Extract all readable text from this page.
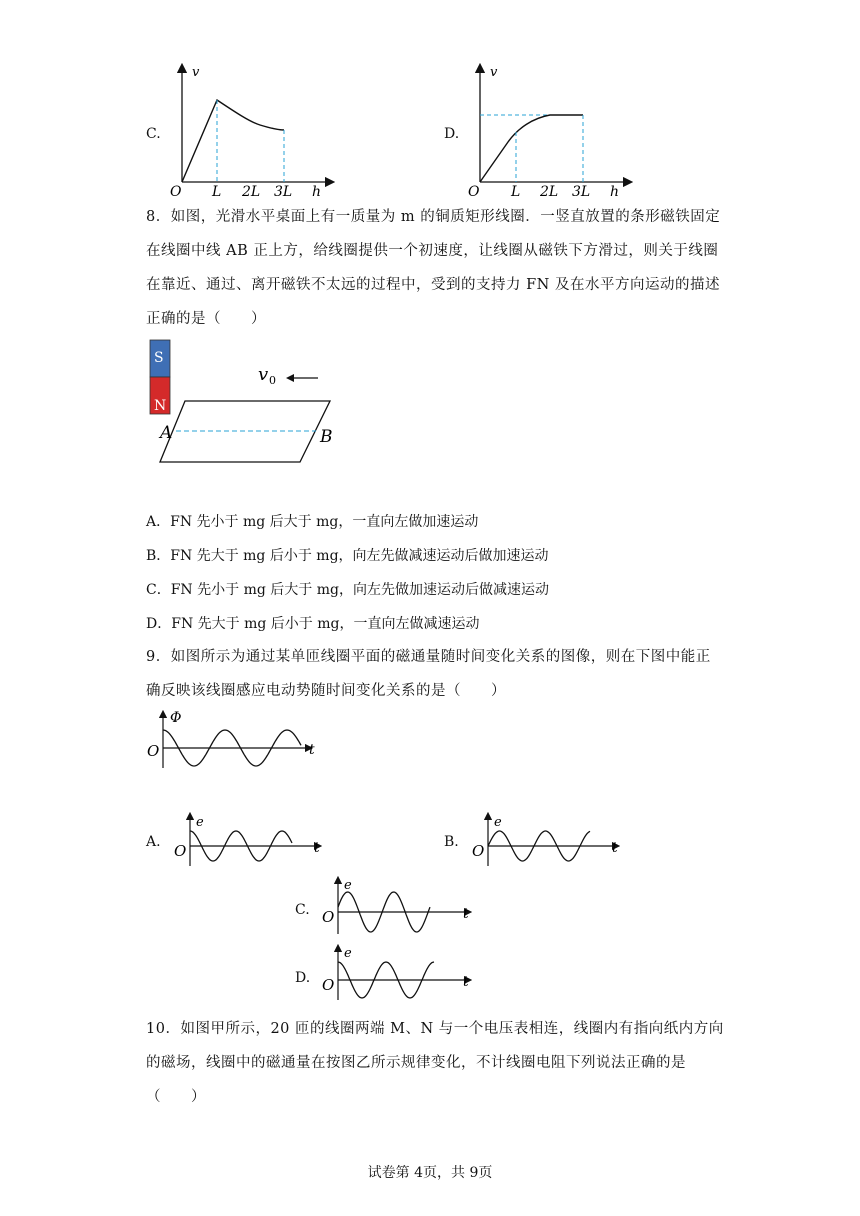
C.
v
O L 2L 3L h
D.
v
O L 2L 3L h
8．如图，光滑水平桌面上有一质量为 m 的铜质矩形线圈．一竖直放置的条形磁铁固定
在线圈中线 AB 正上方，给线圈提供一个初速度，让线圈从磁铁下方滑过，则关于线圈
在靠近、通过、离开磁铁不太远的过程中，受到的支持力 FN 及在水平方向运动的描述
正确的是（　　）
S
N
A	B
v 0
A．FN 先小于 mg 后大于 mg，一直向左做加速运动
B．FN 先大于 mg 后小于 mg，向左先做减速运动后做加速运动
C．FN 先小于 mg 后大于 mg，向左先做加速运动后做减速运动
D．FN 先大于 mg 后小于 mg，一直向左做减速运动
9．如图所示为通过某单匝线圈平面的磁通量随时间变化关系的图像，则在下图中能正
确反映该线圈感应电动势随时间变化关系的是（　　）
Φ
O	t
A.
e
O	t	B.
e
O	t
C.
e
O	t
D.
e
O	t
10．如图甲所示，20 匝的线圈两端 M、N 与一个电压表相连，线圈内有指向纸内方向
的磁场，线圈中的磁通量在按图乙所示规律变化，不计线圈电阻下列说法正确的是
（　　）
试卷第 4页，共 9页
